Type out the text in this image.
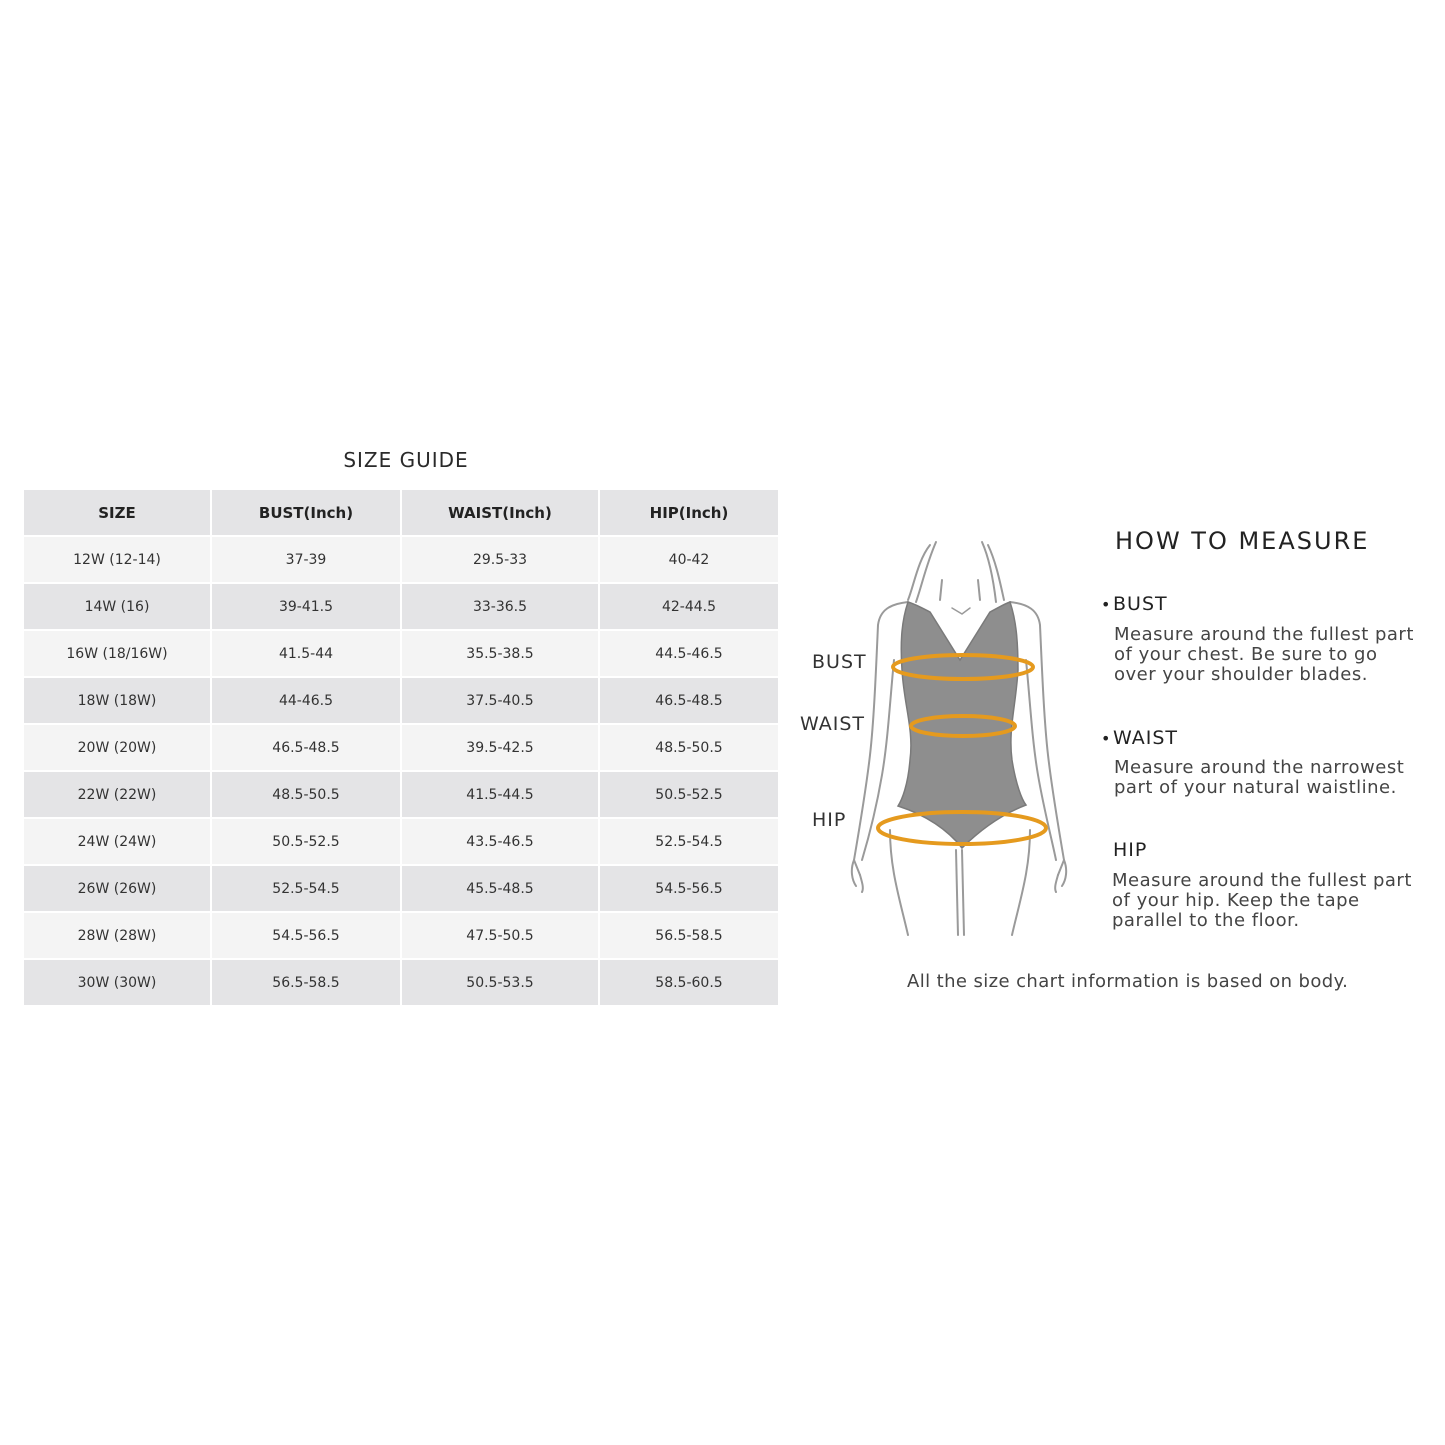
SIZE GUIDE
SIZE	BUST(Inch)	WAIST(Inch)	HIP(Inch)
12W (12-14)	37-39	29.5-33	40-42
14W (16)	39-41.5	33-36.5	42-44.5
16W (18/16W)	41.5-44	35.5-38.5	44.5-46.5
18W (18W)	44-46.5	37.5-40.5	46.5-48.5
20W (20W)	46.5-48.5	39.5-42.5	48.5-50.5
22W (22W)	48.5-50.5	41.5-44.5	50.5-52.5
24W (24W)	50.5-52.5	43.5-46.5	52.5-54.5
26W (26W)	52.5-54.5	45.5-48.5	54.5-56.5
28W (28W)	54.5-56.5	47.5-50.5	56.5-58.5
30W (30W)	56.5-58.5	50.5-53.5	58.5-60.5
BUST
WAIST
HIP
HOW TO MEASURE
• BUST
Measure around the fullest part
of your chest. Be sure to go
over your shoulder blades.
• WAIST
Measure around the narrowest
part of your natural waistline.
HIP
Measure around the fullest part
of your hip. Keep the tape
parallel to the floor.
All the size chart information is based on body.
